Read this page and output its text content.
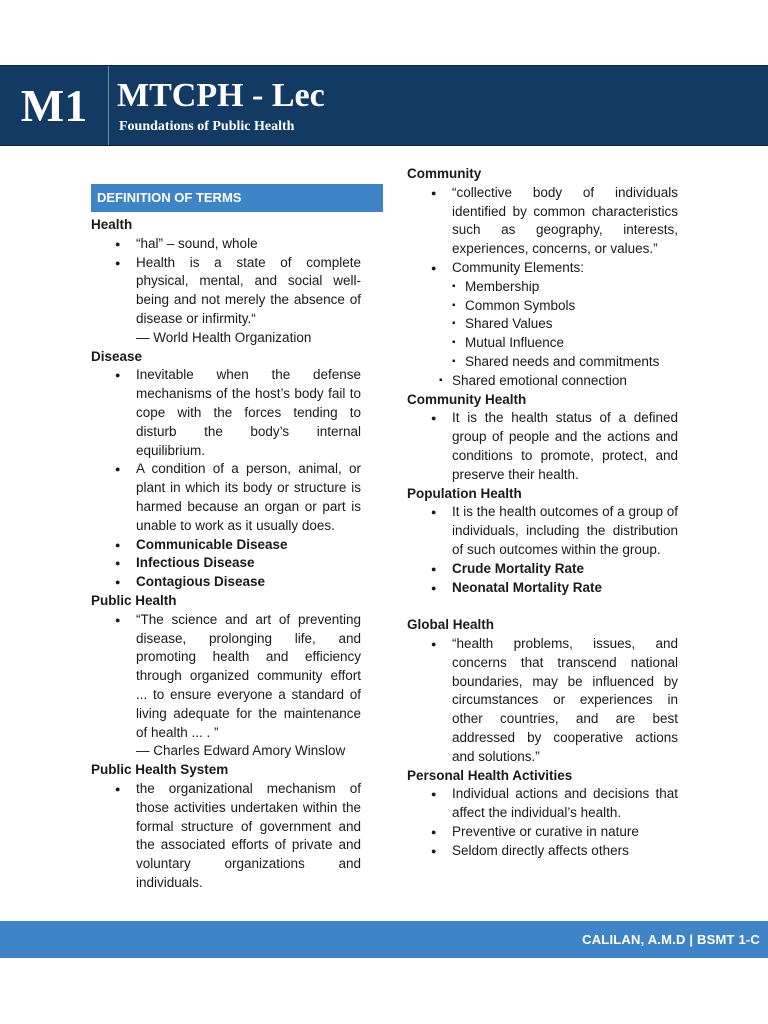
M1 MTCPH - Lec
Foundations of Public Health
DEFINITION OF TERMS
Health
● “hal” – sound, whole
● Health is a state of complete physical, mental, and social well-being and not merely the absence of disease or infirmity.“
— World Health Organization
Disease
● Inevitable when the defense mechanisms of the host’s body fail to cope with the forces tending to disturb the body’s internal equilibrium.
● A condition of a person, animal, or plant in which its body or structure is harmed because an organ or part is unable to work as it usually does.
● Communicable Disease
● Infectious Disease
● Contagious Disease
Public Health
● “The science and art of preventing disease, prolonging life, and promoting health and efficiency through organized community effort ... to ensure everyone a standard of living adequate for the maintenance of health ... . ”
— Charles Edward Amory Winslow
Public Health System
● the organizational mechanism of those activities undertaken within the formal structure of government and the associated efforts of private and voluntary organizations and individuals.
Community
● “collective body of individuals identified by common characteristics such as geography, interests, experiences, concerns, or values.”
● Community Elements:
▪ Membership
▪ Common Symbols
▪ Shared Values
▪ Mutual Influence
▪ Shared needs and commitments
▪ Shared emotional connection
Community Health
● It is the health status of a defined group of people and the actions and conditions to promote, protect, and preserve their health.
Population Health
● It is the health outcomes of a group of individuals, including the distribution of such outcomes within the group.
● Crude Mortality Rate
● Neonatal Mortality Rate
Global Health
● “health problems, issues, and concerns that transcend national boundaries, may be influenced by circumstances or experiences in other countries, and are best addressed by cooperative actions and solutions.”
Personal Health Activities
● Individual actions and decisions that affect the individual’s health.
● Preventive or curative in nature
● Seldom directly affects others
CALILAN, A.M.D | BSMT 1-C
